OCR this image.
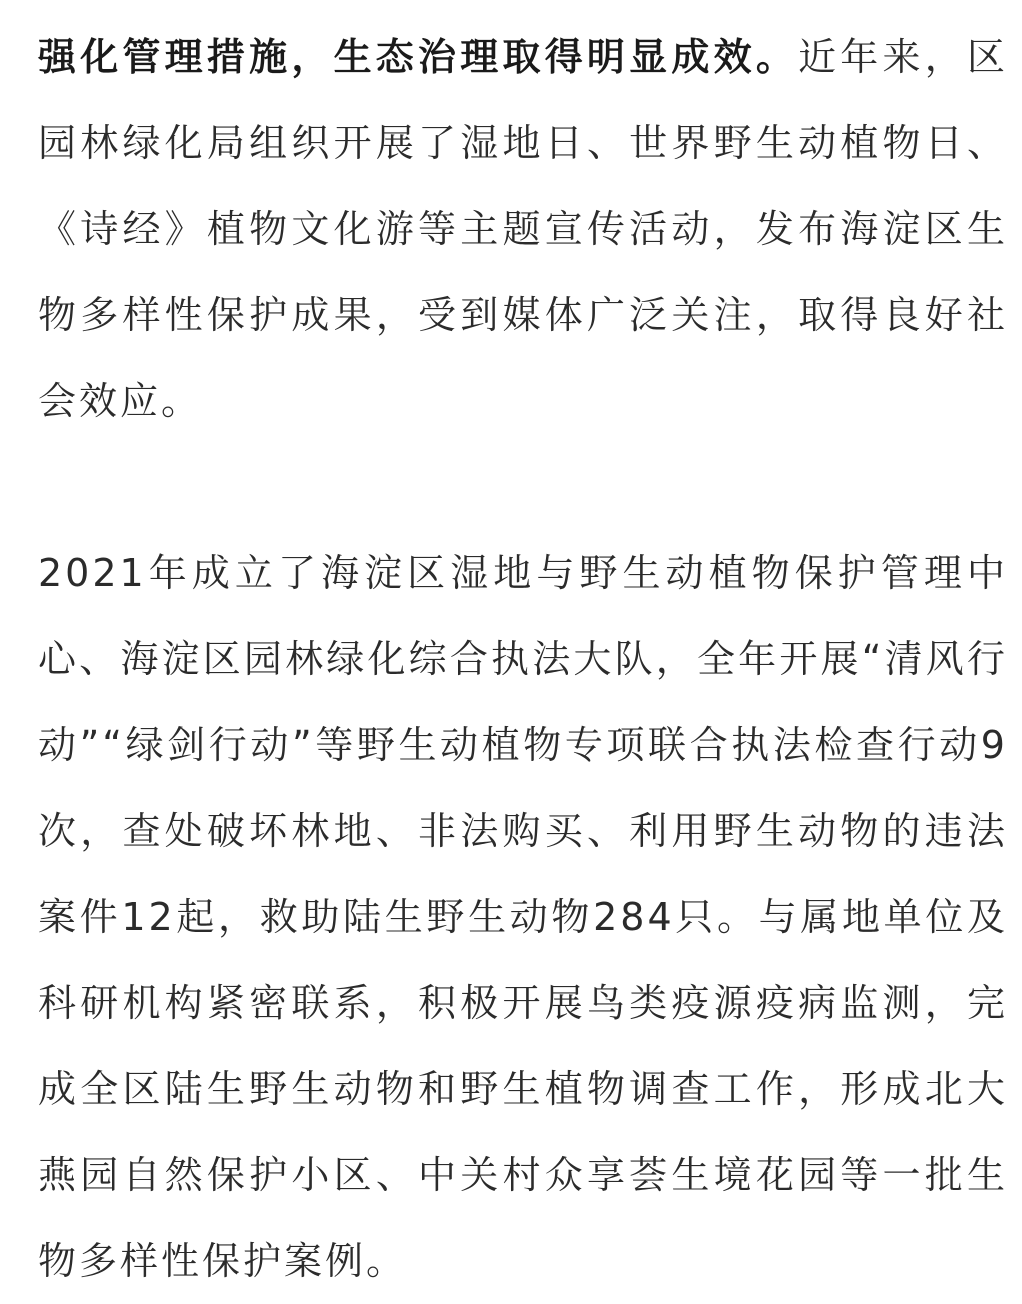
强化管理措施，生态治理取得明显成效。近年来，区园林绿化局组织开展了湿地日、世界野生动植物日、《诗经》植物文化游等主题宣传活动，发布海淀区生物多样性保护成果，受到媒体广泛关注，取得良好社会效应。

2021年成立了海淀区湿地与野生动植物保护管理中心、海淀区园林绿化综合执法大队，全年开展“清风行动”“绿剑行动”等野生动植物专项联合执法检查行动9次，查处破坏林地、非法购买、利用野生动物的违法案件12起，救助陆生野生动物284只。与属地单位及科研机构紧密联系，积极开展鸟类疫源疫病监测，完成全区陆生野生动物和野生植物调查工作，形成北大燕园自然保护小区、中关村众享荟生境花园等一批生物多样性保护案例。
